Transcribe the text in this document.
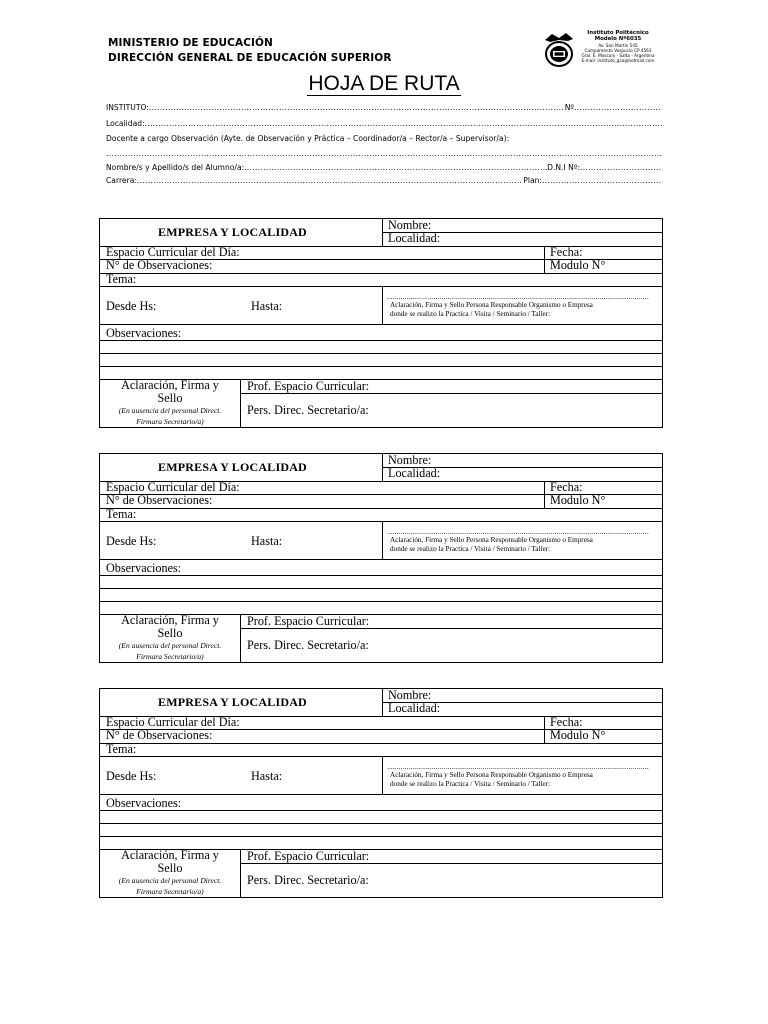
MINISTERIO DE EDUCACIÓN
DIRECCIÓN GENERAL DE EDUCACIÓN SUPERIOR
Instituto Politécnico
Modelo Nº6035
Av. San Martín 545
Campamento Vespucio CP 4563
Gral. E. Mosconi - Salta - Argentina
E-mail: instituto_gsa@hotmail.com
HOJA DE RUTA
INSTITUTO: .....	Nº
.....
Localidad:
.....
Docente a cargo Observación (Ayte. de Observación y Práctica – Coordinador/a – Rector/a – Supervisor/a):
.....
Nombre/s y Apellido/s del Alumno/a: .....	D.N.I Nº:
.....
Carrera: .....	Plan:
.....
EMPRESA Y LOCALIDAD	Nombre:
Localidad:
Espacio Curricular del Día:	Fecha:
N° de Observaciones:	Modulo N°
Tema:
Desde Hs:	Hasta:
.....	Aclaración, Firma y Sello Persona Responsable Organismo o Empresa
donde se realizo la Practica / Visita / Seminario / Taller:
Observaciones:
Aclaración, Firma y
Sello
(En ausencia del personal Direct.
Firmara Secretario/a)
Prof. Espacio Curricular:
Pers. Direc. Secretario/a:
EMPRESA Y LOCALIDAD	Nombre:
Localidad:
Espacio Curricular del Día:	Fecha:
N° de Observaciones:	Modulo N°
Tema:
Desde Hs:	Hasta:
.....	Aclaración, Firma y Sello Persona Responsable Organismo o Empresa
donde se realizo la Practica / Visita / Seminario / Taller:
Observaciones:
Aclaración, Firma y
Sello
(En ausencia del personal Direct.
Firmara Secretario/a)
Prof. Espacio Curricular:
Pers. Direc. Secretario/a:
EMPRESA Y LOCALIDAD	Nombre:
Localidad:
Espacio Curricular del Día:	Fecha:
N° de Observaciones:	Modulo N°
Tema:
Desde Hs:	Hasta:
.....	Aclaración, Firma y Sello Persona Responsable Organismo o Empresa
donde se realizo la Practica / Visita / Seminario / Taller:
Observaciones:
Aclaración, Firma y
Sello
(En ausencia del personal Direct.
Firmara Secretario/a)
Prof. Espacio Curricular:
Pers. Direc. Secretario/a:
